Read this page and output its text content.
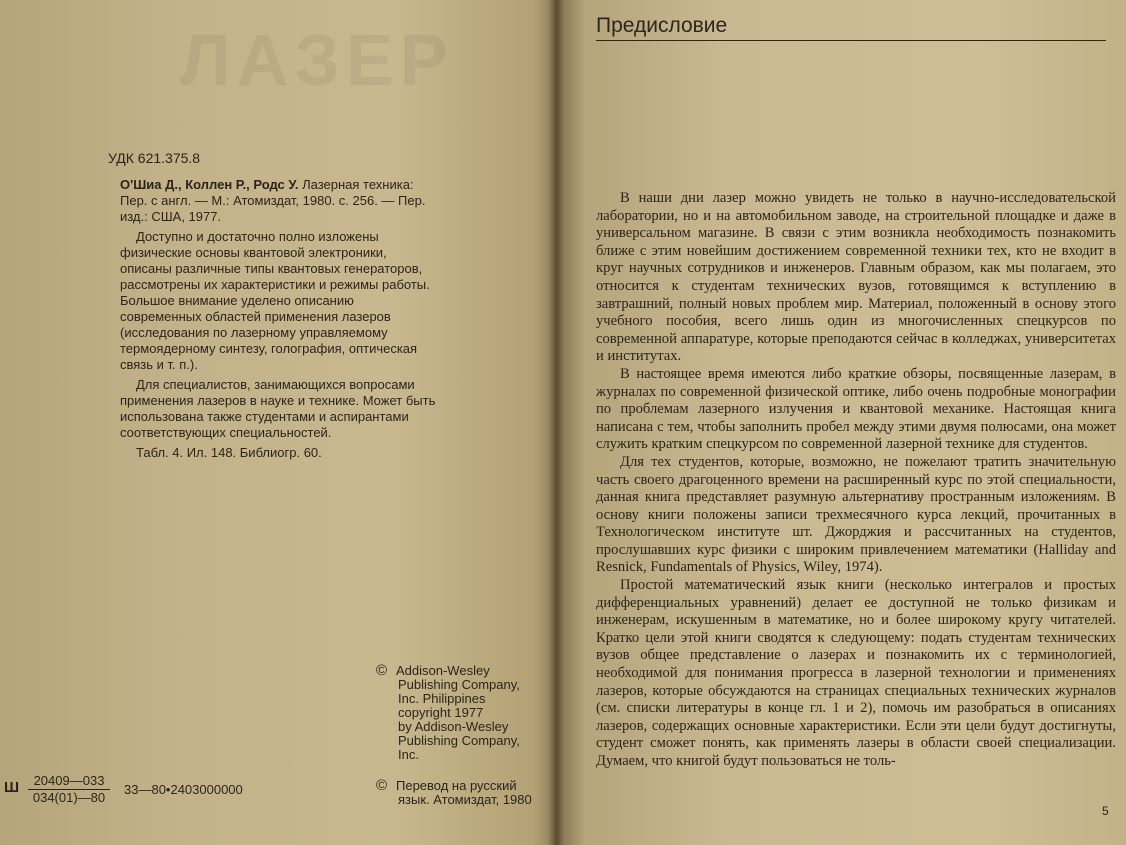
ЛАЗЕР
УДК 621.375.8

О'Шиа Д., Коллен Р., Родс У. Лазерная техника: Пер. с англ. — М.: Атомиздат, 1980. с. 256. — Пер. изд.: США, 1977.

Доступно и достаточно полно изложены физические основы квантовой электроники, описаны различные типы квантовых генераторов, рассмотрены их характеристики и режимы работы. Большое внимание уделено описанию современных областей применения лазеров (исследования по лазерному управляемому термоядерному синтезу, голография, оптическая связь и т. п.).

Для специалистов, занимающихся вопросами применения лазеров в науке и технике. Может быть использована также студентами и аспирантами соответствующих специальностей.

Табл. 4. Ил. 148. Библиогр. 60.

© Addison-Wesley
Publishing Company,
Inc. Philippines
copyright 1977
by Addison-Wesley
Publishing Company,
Inc.
© Перевод на русский
язык. Атомиздат, 1980
Ш $\frac{20409—033}{034(01)—80}$ 33—80•2403000000
Предисловие

В наши дни лазер можно увидеть не только в научно-исследовательской лаборатории, но и на автомобильном заводе, на строительной площадке и даже в универсальном магазине. В связи с этим возникла необходимость познакомить ближе с этим новейшим достижением современной техники тех, кто не входит в круг научных сотрудников и инженеров. Главным образом, как мы полагаем, это относится к студентам технических вузов, готовящимся к вступлению в завтрашний, полный новых проблем мир. Материал, положенный в основу этого учебного пособия, всего лишь один из многочисленных спецкурсов по современной аппаратуре, которые преподаются сейчас в колледжах, университетах и институтах.

В настоящее время имеются либо краткие обзоры, посвященные лазерам, в журналах по современной физической оптике, либо очень подробные монографии по проблемам лазерного излучения и квантовой механике. Настоящая книга написана с тем, чтобы заполнить пробел между этими двумя полюсами, она может служить кратким спецкурсом по современной лазерной технике для студентов.

Для тех студентов, которые, возможно, не пожелают тратить значительную часть своего драгоценного времени на расширенный курс по этой специальности, данная книга представляет разумную альтернативу пространным изложениям. В основу книги положены записи трехмесячного курса лекций, прочитанных в Технологическом институте шт. Джорджия и рассчитанных на студентов, прослушавших курс физики с широким привлечением математики (Halliday and Resnick, Fundamentals of Physics, Wiley, 1974).

Простой математический язык книги (несколько интегралов и простых дифференциальных уравнений) делает ее доступной не только физикам и инженерам, искушенным в математике, но и более широкому кругу читателей. Кратко цели этой книги сводятся к следующему: подать студентам технических вузов общее представление о лазерах и познакомить их с терминологией, необходимой для понимания прогресса в лазерной технологии и применениях лазеров, которые обсуждаются на страницах специальных технических журналов (см. списки литературы в конце гл. 1 и 2), помочь им разобраться в описаниях лазеров, содержащих основные характеристики. Если эти цели будут достигнуты, студент сможет понять, как применять лазеры в области своей специализации. Думаем, что книгой будут пользоваться не толь-

5
